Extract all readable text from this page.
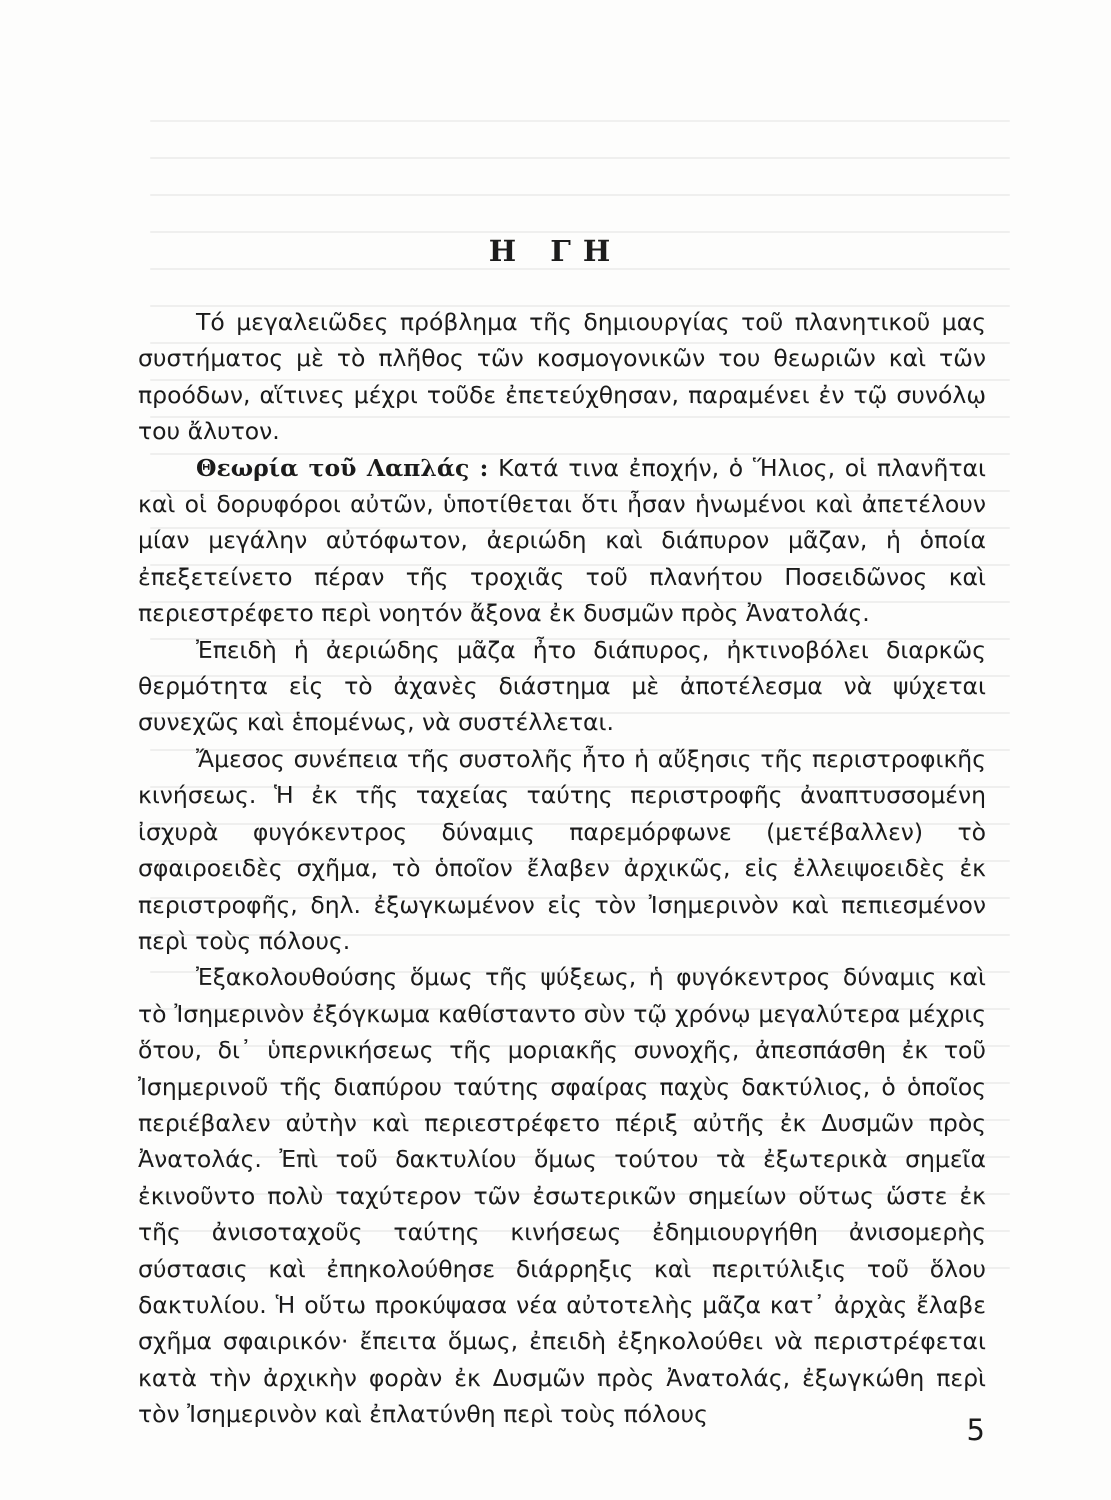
Η ΓΗ

Τό μεγαλειῶδες πρόβλημα τῆς δημιουργίας τοῦ πλανητικοῦ μας συστήματος μὲ τὸ πλῆθος τῶν κοσμογονικῶν του θεωριῶν καὶ τῶν προόδων, αἵτινες μέχρι τοῦδε ἐπετεύχθησαν, παραμένει ἐν τῷ συνόλῳ του ἄλυτον.

Θεωρία τοῦ Λαπλάς : Κατά τινα ἐποχήν, ὁ Ἥλιος, οἱ πλανῆται καὶ οἱ δορυφόροι αὐτῶν, ὑποτίθεται ὅτι ἦσαν ἡνωμένοι καὶ ἀπετέλουν μίαν μεγάλην αὐτόφωτον, ἀεριώδη καὶ διάπυρον μᾶζαν, ἡ ὁποία ἐπεξετείνετο πέραν τῆς τροχιᾶς τοῦ πλανήτου Ποσειδῶνος καὶ περιεστρέφετο περὶ νοητόν ἄξονα ἐκ δυσμῶν πρὸς Ἀνατολάς.

Ἐπειδὴ ἡ ἀεριώδης μᾶζα ἦτο διάπυρος, ἠκτινοβόλει διαρκῶς θερμότητα εἰς τὸ ἀχανὲς διάστημα μὲ ἀποτέλεσμα νὰ ψύχεται συνεχῶς καὶ ἑπομένως, νὰ συστέλλεται.

Ἄμεσος συνέπεια τῆς συστολῆς ἦτο ἡ αὔξησις τῆς περιστροφικῆς κινήσεως. Ἡ ἐκ τῆς ταχείας ταύτης περιστροφῆς ἀναπτυσσομένη ἰσχυρὰ φυγόκεντρος δύναμις παρεμόρφωνε (μετέβαλλεν) τὸ σφαιροειδὲς σχῆμα, τὸ ὁποῖον ἔλαβεν ἀρχικῶς, εἰς ἐλλειψοειδὲς ἐκ περιστροφῆς, δηλ. ἐξωγκωμένον εἰς τὸν Ἰσημερινὸν καὶ πεπιεσμένον περὶ τοὺς πόλους.

Ἐξακολουθούσης ὅμως τῆς ψύξεως, ἡ φυγόκεντρος δύναμις καὶ τὸ Ἰσημερινὸν ἐξόγκωμα καθίσταντο σὺν τῷ χρόνῳ μεγαλύτερα μέχρις ὅτου, δι᾽ ὑπερνικήσεως τῆς μοριακῆς συνοχῆς, ἀπεσπάσθη ἐκ τοῦ Ἰσημερινοῦ τῆς διαπύρου ταύτης σφαίρας παχὺς δακτύλιος, ὁ ὁποῖος περιέβαλεν αὐτὴν καὶ περιεστρέφετο πέριξ αὐτῆς ἐκ Δυσμῶν πρὸς Ἀνατολάς. Ἐπὶ τοῦ δακτυλίου ὅμως τούτου τὰ ἐξωτερικὰ σημεῖα ἐκινοῦντο πολὺ ταχύτερον τῶν ἐσωτερικῶν σημείων οὕτως ὥστε ἐκ τῆς ἀνισοταχοῦς ταύτης κινήσεως ἐδημιουργήθη ἀνισομερὴς σύστασις καὶ ἐπηκολούθησε διάρρηξις καὶ περιτύλιξις τοῦ ὅλου δακτυλίου. Ἡ οὕτω προκύψασα νέα αὐτοτελὴς μᾶζα κατ᾽ ἀρχὰς ἔλαβε σχῆμα σφαιρικόν· ἔπειτα ὅμως, ἐπειδὴ ἐξηκολούθει νὰ περιστρέφεται κατὰ τὴν ἀρχικὴν φορὰν ἐκ Δυσμῶν πρὸς Ἀνατολάς, ἐξωγκώθη περὶ τὸν Ἰσημερινὸν καὶ ἐπλατύνθη περὶ τοὺς πόλους	5
